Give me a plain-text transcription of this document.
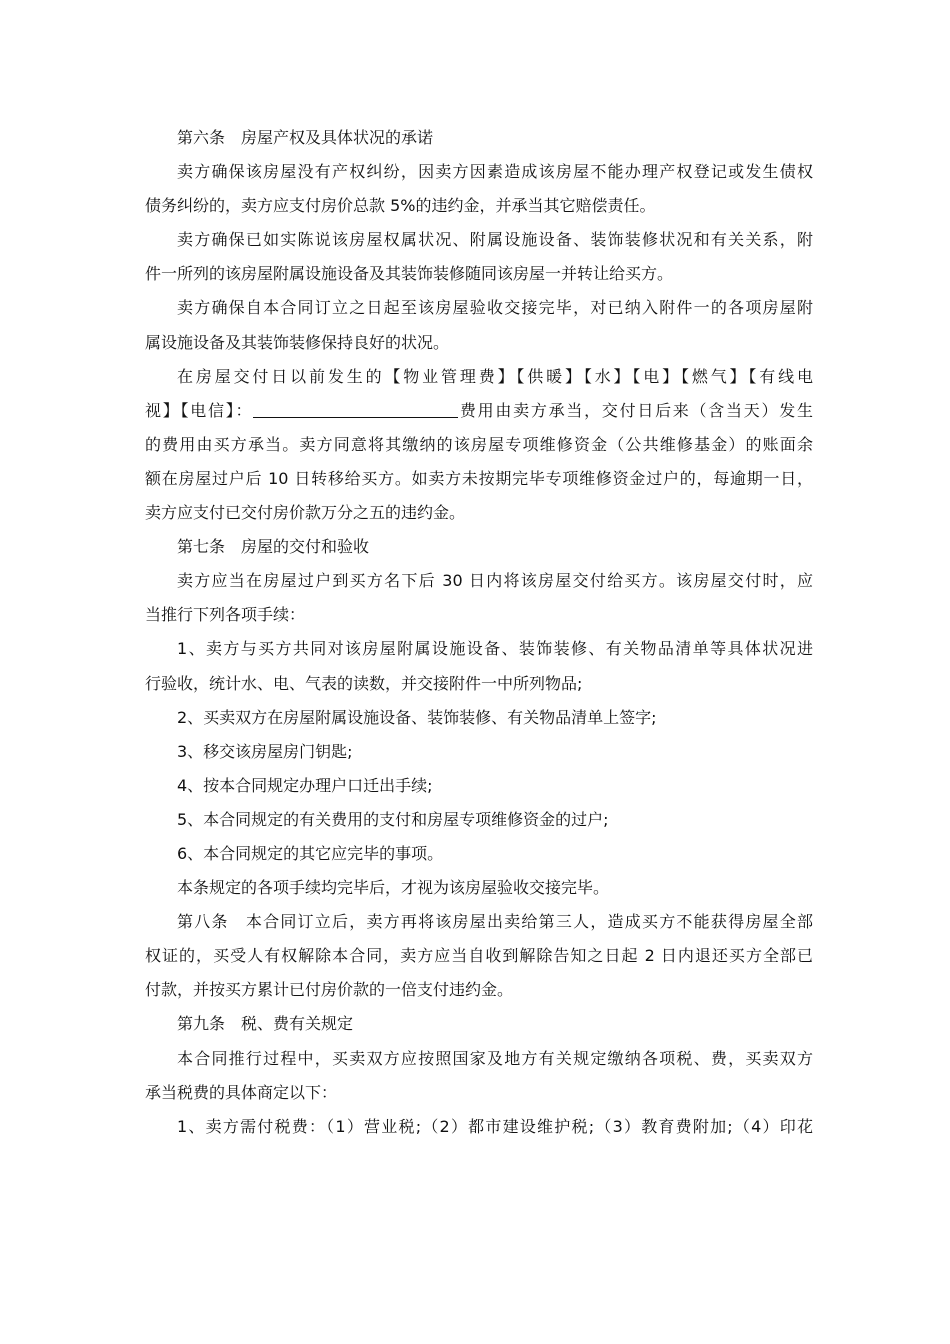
第六条　房屋产权及具体状况的承诺
卖方确保该房屋没有产权纠纷，因卖方因素造成该房屋不能办理产权登记或发生债权
债务纠纷的，卖方应支付房价总款 5%的违约金，并承当其它赔偿责任。
卖方确保已如实陈说该房屋权属状况、附属设施设备、装饰装修状况和有关关系，附
件一所列的该房屋附属设施设备及其装饰装修随同该房屋一并转让给买方。
卖方确保自本合同订立之日起至该房屋验收交接完毕，对已纳入附件一的各项房屋附
属设施设备及其装饰装修保持良好的状况。
在房屋交付日以前发生的【物业管理费】【供暖】【水】【电】【燃气】【有线电
视】【电信】：	费用由卖方承当，交付日后来（含当天）发生
的费用由买方承当。卖方同意将其缴纳的该房屋专项维修资金（公共维修基金）的账面余
额在房屋过户后 10 日转移给买方。如卖方未按期完毕专项维修资金过户的，每逾期一日，
卖方应支付已交付房价款万分之五的违约金。
第七条　房屋的交付和验收
卖方应当在房屋过户到买方名下后 30 日内将该房屋交付给买方。该房屋交付时，应
当推行下列各项手续：
1、卖方与买方共同对该房屋附属设施设备、装饰装修、有关物品清单等具体状况进
行验收，统计水、电、气表的读数，并交接附件一中所列物品;
2、买卖双方在房屋附属设施设备、装饰装修、有关物品清单上签字;
3、移交该房屋房门钥匙;
4、按本合同规定办理户口迁出手续;
5、本合同规定的有关费用的支付和房屋专项维修资金的过户;
6、本合同规定的其它应完毕的事项。
本条规定的各项手续均完毕后，才视为该房屋验收交接完毕。
第八条　本合同订立后，卖方再将该房屋出卖给第三人，造成买方不能获得房屋全部
权证的，买受人有权解除本合同，卖方应当自收到解除告知之日起 2 日内退还买方全部已
付款，并按买方累计已付房价款的一倍支付违约金。
第九条　税、费有关规定
本合同推行过程中，买卖双方应按照国家及地方有关规定缴纳各项税、费，买卖双方
承当税费的具体商定以下：
1、卖方需付税费：（1）营业税;（2）都市建设维护税;（3）教育费附加;（4）印花
